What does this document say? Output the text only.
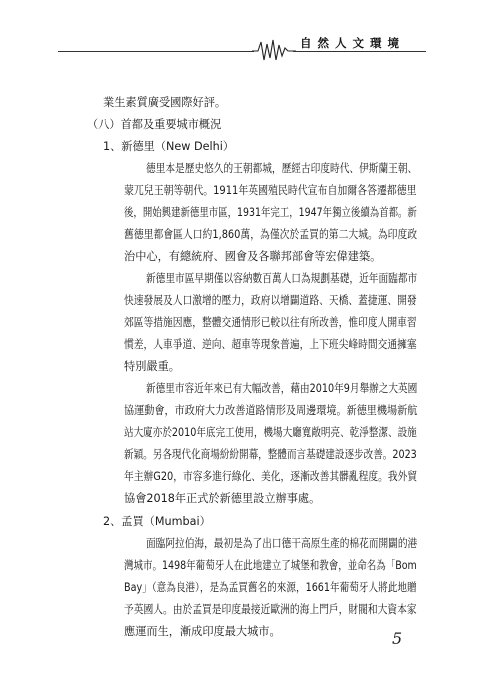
自然人文環境
業生素質廣受國際好評。
（八）首都及重要城市概況
1、新德里（New Delhi）
德里本是歷史悠久的王朝都城，歷經古印度時代、伊斯蘭王朝、
蒙兀兒王朝等朝代。1911年英國殖民時代宣布自加爾各答遷都德里
後，開始興建新德里市區，1931年完工，1947年獨立後續為首都。新
舊德里都會區人口約1,860萬，為僅次於孟買的第二大城。為印度政
治中心，有總統府、國會及各聯邦部會等宏偉建築。
新德里市區早期僅以容納數百萬人口為規劃基礎，近年面臨都市
快速發展及人口激增的壓力，政府以增闢道路、天橋、蓋捷運、開發
郊區等措施因應，整體交通情形已較以往有所改善，惟印度人開車習
慣差，人車爭道、逆向、超車等現象普遍，上下班尖峰時間交通擁塞
特別嚴重。
新德里市容近年來已有大幅改善，藉由2010年9月舉辦之大英國
協運動會，市政府大力改善道路情形及周邊環境。新德里機場新航
站大廈亦於2010年底完工使用，機場大廳寬敞明亮、乾淨整潔、設施
新穎。另各現代化商場紛紛開幕，整體而言基礎建設逐步改善。2023
年主辦G20，市容多進行綠化、美化，逐漸改善其髒亂程度。我外貿
協會2018年正式於新德里設立辦事處。
2、孟買（Mumbai）
面臨阿拉伯海，最初是為了出口德干高原生產的棉花而開闢的港
灣城市。1498年葡萄牙人在此地建立了城堡和教會，並命名為「Bom
Bay」（意為良港），是為孟買舊名的來源，1661年葡萄牙人將此地贈
予英國人。由於孟買是印度最接近歐洲的海上門戶，財閥和大資本家
應運而生，漸成印度最大城市。	5
